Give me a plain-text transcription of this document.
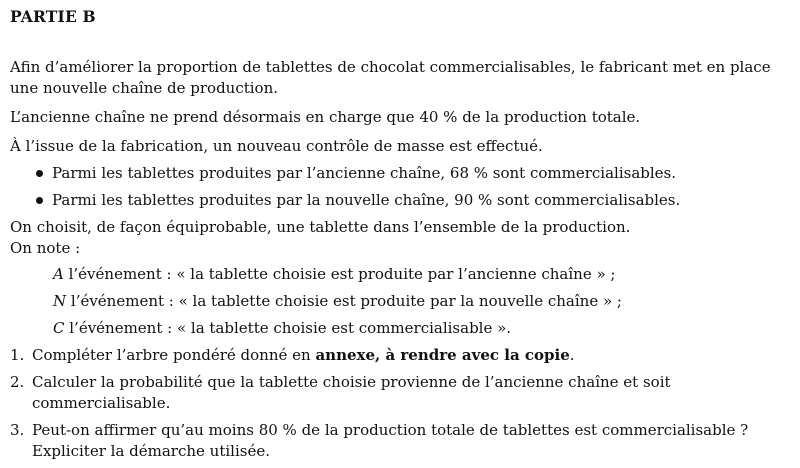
PARTIE B

Afin d’améliorer la proportion de tablettes de chocolat commercialisables, le fabricant met en place une nouvelle chaîne de production.

L’ancienne chaîne ne prend désormais en charge que 40 % de la production totale.

À l’issue de la fabrication, un nouveau contrôle de masse est effectué.

Parmi les tablettes produites par l’ancienne chaîne, 68 % sont commercialisables.
Parmi les tablettes produites par la nouvelle chaîne, 90 % sont commercialisables.

On choisit, de façon équiprobable, une tablette dans l’ensemble de la production.

On note :

A l’événement : « la tablette choisie est produite par l’ancienne chaîne » ;
N l’événement : « la tablette choisie est produite par la nouvelle chaîne » ;
C l’événement : « la tablette choisie est commercialisable ».
1. Compléter l’arbre pondéré donné en annexe, à rendre avec la copie.
2. Calculer la probabilité que la tablette choisie provienne de l’ancienne chaîne et soit commercialisable.
3. Peut-on affirmer qu’au moins 80 % de la production totale de tablettes est commercialisable ? Expliciter la démarche utilisée.
